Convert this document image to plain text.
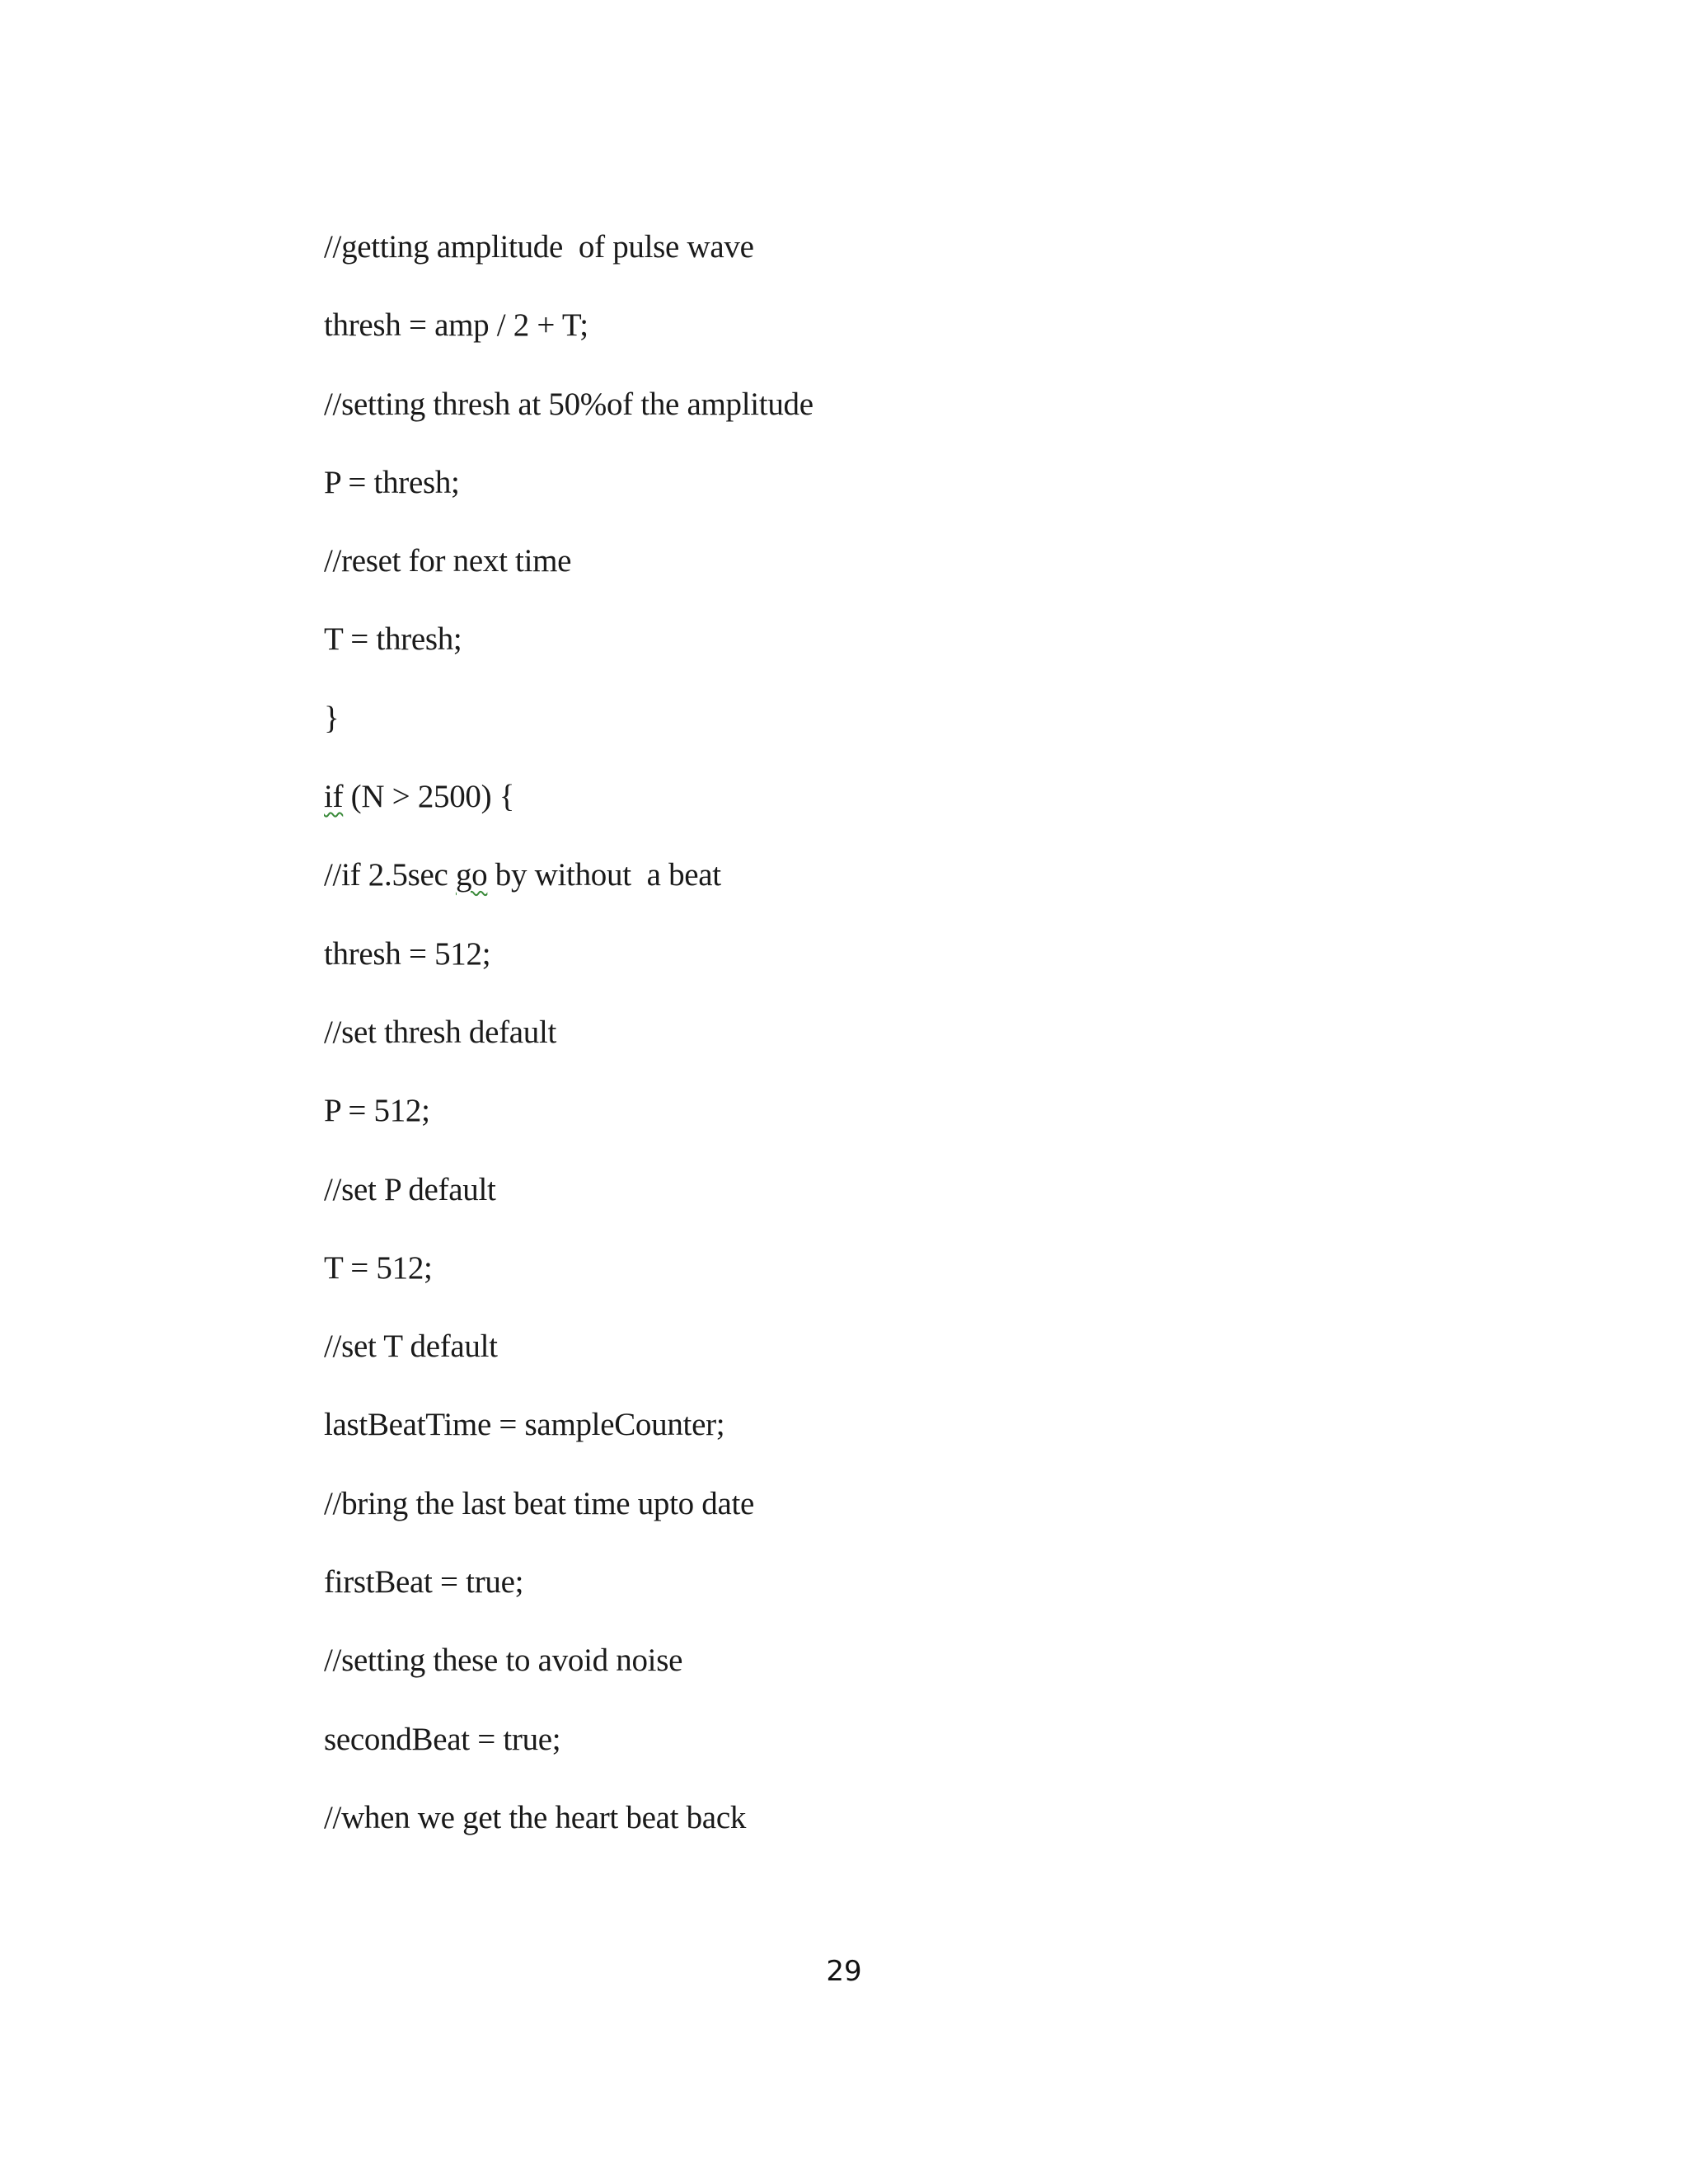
//getting amplitude  of pulse wave
thresh = amp / 2 + T;
//setting thresh at 50%of the amplitude
P = thresh;
//reset for next time
T = thresh;
}
if (N > 2500) {
//if 2.5sec go by without  a beat
thresh = 512;
//set thresh default
P = 512;
//set P default
T = 512;
//set T default
lastBeatTime = sampleCounter;
//bring the last beat time upto date
firstBeat = true;
//setting these to avoid noise
secondBeat = true;
//when we get the heart beat back
29
